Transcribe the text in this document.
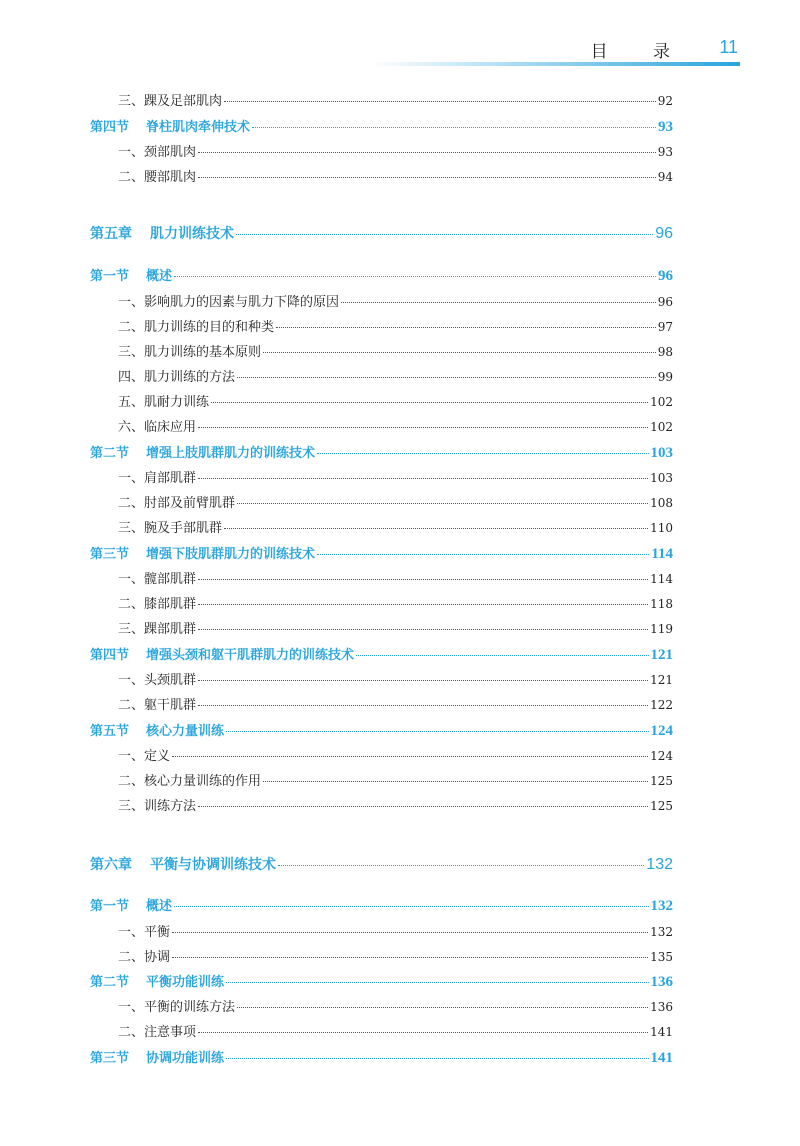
目 录 11
三、踝及足部肌肉	92
第四节 脊柱肌肉牵伸技术	93
一、颈部肌肉	93
二、腰部肌肉	94
第五章 肌力训练技术	96
第一节 概述	96
一、影响肌力的因素与肌力下降的原因	96
二、肌力训练的目的和种类	97
三、肌力训练的基本原则	98
四、肌力训练的方法	99
五、肌耐力训练	102
六、临床应用	102
第二节 增强上肢肌群肌力的训练技术	103
一、肩部肌群	103
二、肘部及前臂肌群	108
三、腕及手部肌群	110
第三节 增强下肢肌群肌力的训练技术	114
一、髋部肌群	114
二、膝部肌群	118
三、踝部肌群	119
第四节 增强头颈和躯干肌群肌力的训练技术	121
一、头颈肌群	121
二、躯干肌群	122
第五节 核心力量训练	124
一、定义	124
二、核心力量训练的作用	125
三、训练方法	125
第六章 平衡与协调训练技术	132
第一节 概述	132
一、平衡	132
二、协调	135
第二节 平衡功能训练	136
一、平衡的训练方法	136
二、注意事项	141
第三节 协调功能训练	141
